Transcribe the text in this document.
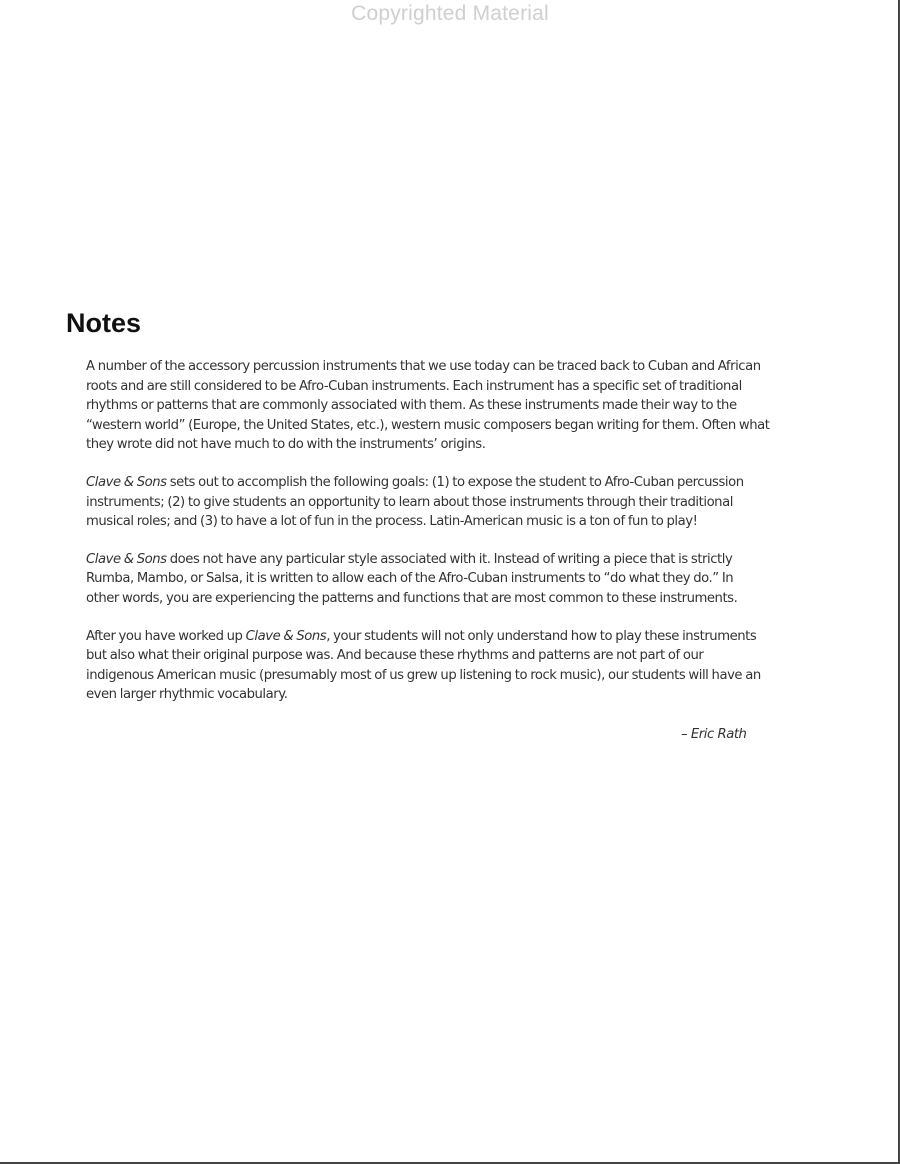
Copyrighted Material
Notes

A number of the accessory percussion instruments that we use today can be traced back to Cuban and African
roots and are still considered to be Afro-Cuban instruments. Each instrument has a specific set of traditional
rhythms or patterns that are commonly associated with them. As these instruments made their way to the
“western world” (Europe, the United States, etc.), western music composers began writing for them. Often what
they wrote did not have much to do with the instruments’ origins.

Clave & Sons sets out to accomplish the following goals: (1) to expose the student to Afro-Cuban percussion
instruments; (2) to give students an opportunity to learn about those instruments through their traditional
musical roles; and (3) to have a lot of fun in the process. Latin-American music is a ton of fun to play!

Clave & Sons does not have any particular style associated with it. Instead of writing a piece that is strictly
Rumba, Mambo, or Salsa, it is written to allow each of the Afro-Cuban instruments to “do what they do.” In
other words, you are experiencing the patterns and functions that are most common to these instruments.

After you have worked up Clave & Sons, your students will not only understand how to play these instruments
but also what their original purpose was. And because these rhythms and patterns are not part of our
indigenous American music (presumably most of us grew up listening to rock music), our students will have an
even larger rhythmic vocabulary.

– Eric Rath
